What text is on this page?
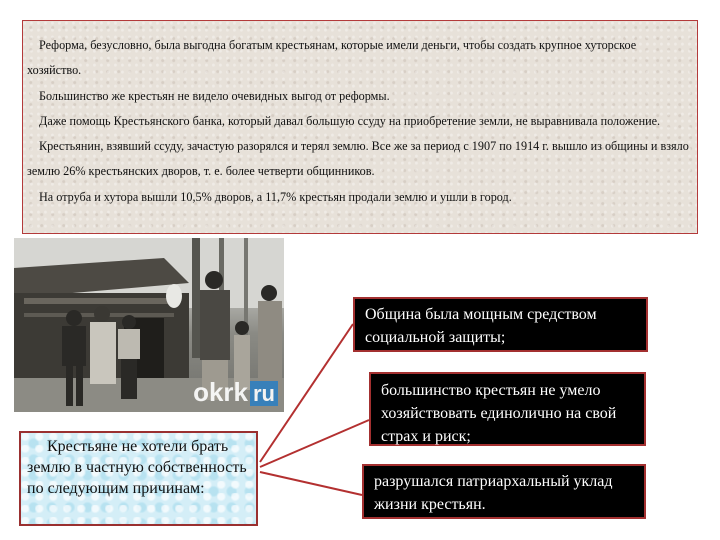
Реформа, безусловно, была выгодна богатым крестьянам, которые имели деньги, чтобы создать крупное хуторское хозяйство.

Большинство же крестьян не видело очевидных выгод от реформы.

Даже помощь Крестьянского банка, который давал большую ссуду на приобретение земли, не выравнивала положение.

Крестьянин, взявший ссуду, зачастую разорялся и терял землю. Все же за период с 1907 по 1914 г. вышло из общины и взяло землю 26% крестьянских дворов, т. е. более четверти общинников.

На отруба и хутора вышли 10,5% дворов, а 11,7% крестьян продали землю и ушли в город.

okrk ru
Крестьяне не хотели брать землю в частную собственность по следующим причинам:
Община была мощным средством социальной защиты;
большинство крестьян не умело хозяйствовать единолично на свой страх и риск;
разрушался патриархальный уклад жизни крестьян.
